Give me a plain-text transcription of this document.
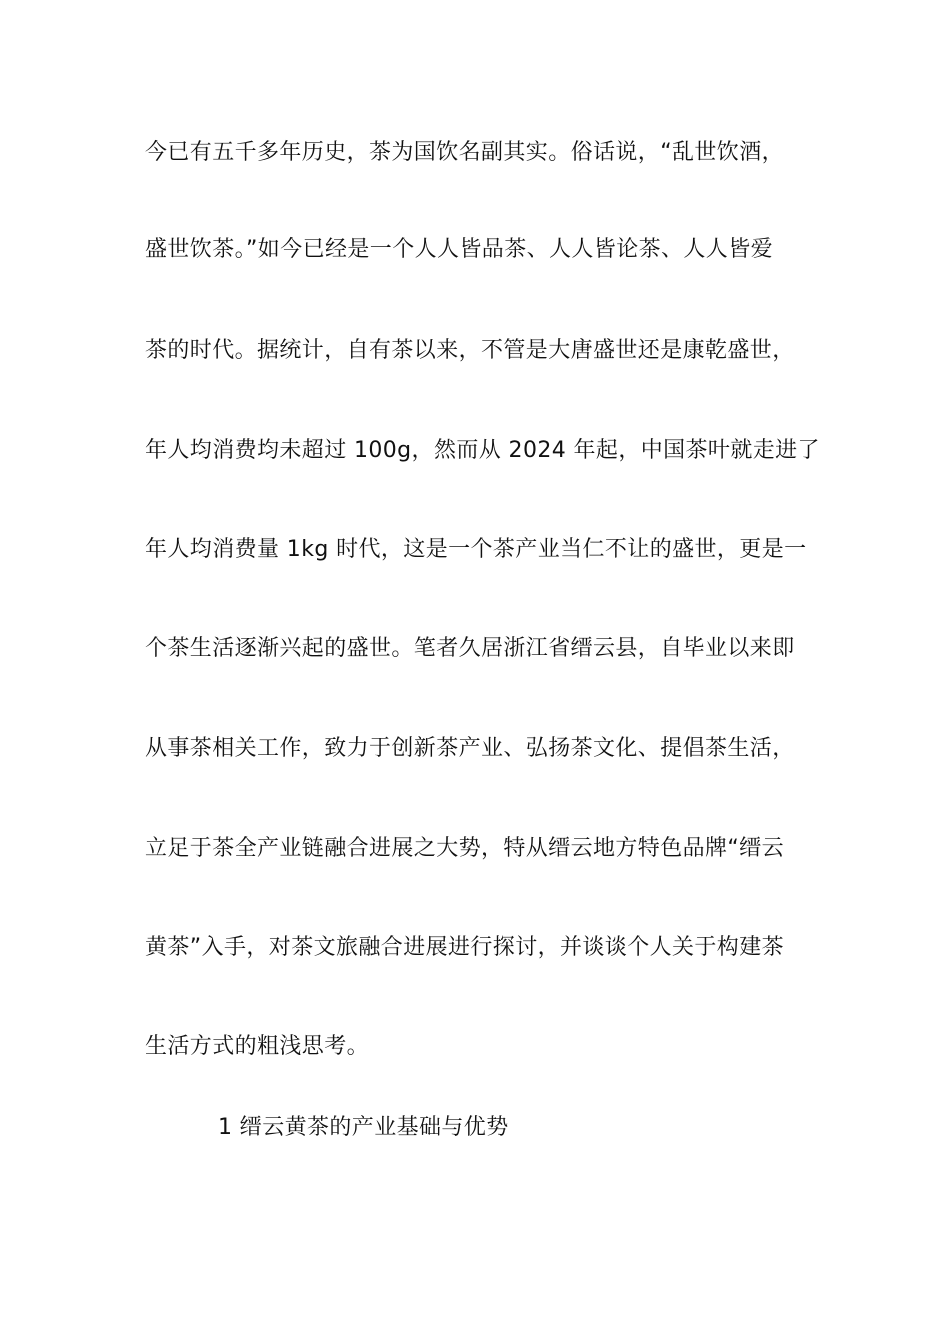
今已有五千多年历史，茶为国饮名副其实。俗话说，“乱世饮酒，
盛世饮茶。”如今已经是一个人人皆品茶、人人皆论茶、人人皆爱
茶的时代。据统计，自有茶以来，不管是大唐盛世还是康乾盛世，
年人均消费均未超过 100g，然而从 2024 年起，中国茶叶就走进了
年人均消费量 1kg 时代，这是一个茶产业当仁不让的盛世，更是一
个茶生活逐渐兴起的盛世。笔者久居浙江省缙云县，自毕业以来即
从事茶相关工作，致力于创新茶产业、弘扬茶文化、提倡茶生活，
立足于茶全产业链融合进展之大势，特从缙云地方特色品牌“缙云
黄茶”入手，对茶文旅融合进展进行探讨，并谈谈个人关于构建茶
生活方式的粗浅思考。
1 缙云黄茶的产业基础与优势
